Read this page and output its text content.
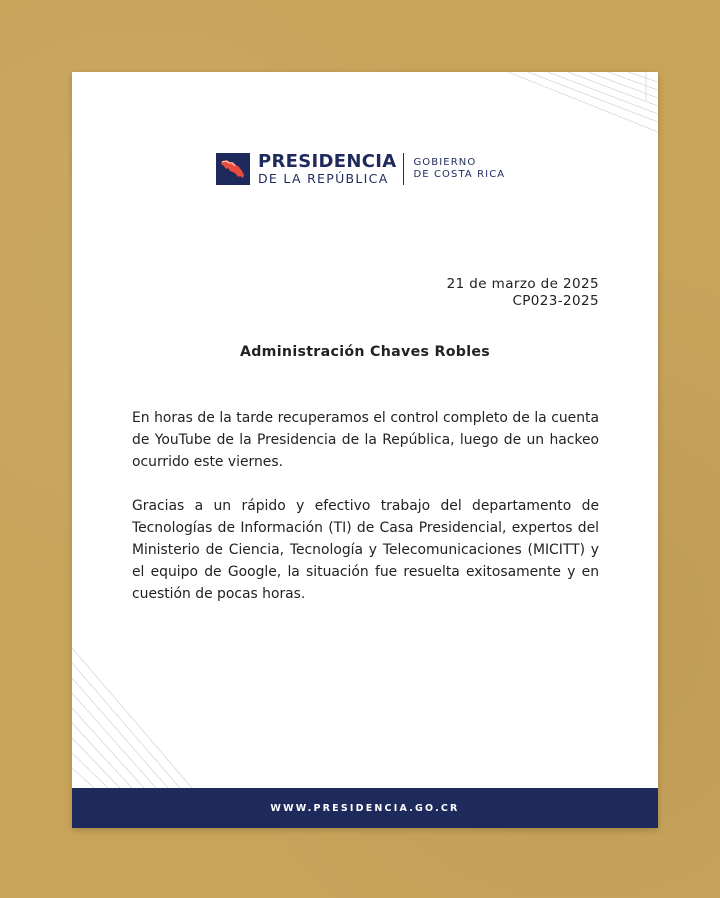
PRESIDENCIA
DE LA REPÚBLICA
GOBIERNO
DE COSTA RICA
21 de marzo de 2025
CP023-2025
Administración Chaves Robles

En horas de la tarde recuperamos el control completo de la cuenta de YouTube de la Presidencia de la República, luego de un hackeo ocurrido este viernes.

Gracias a un rápido y efectivo trabajo del departamento de Tecnologías de Información (TI) de Casa Presidencial, expertos del Ministerio de Ciencia, Tecnología y Telecomunicaciones (MICITT) y el equipo de Google, la situación fue resuelta exitosamente y en cuestión de pocas horas.

WWW.PRESIDENCIA.GO.CR
